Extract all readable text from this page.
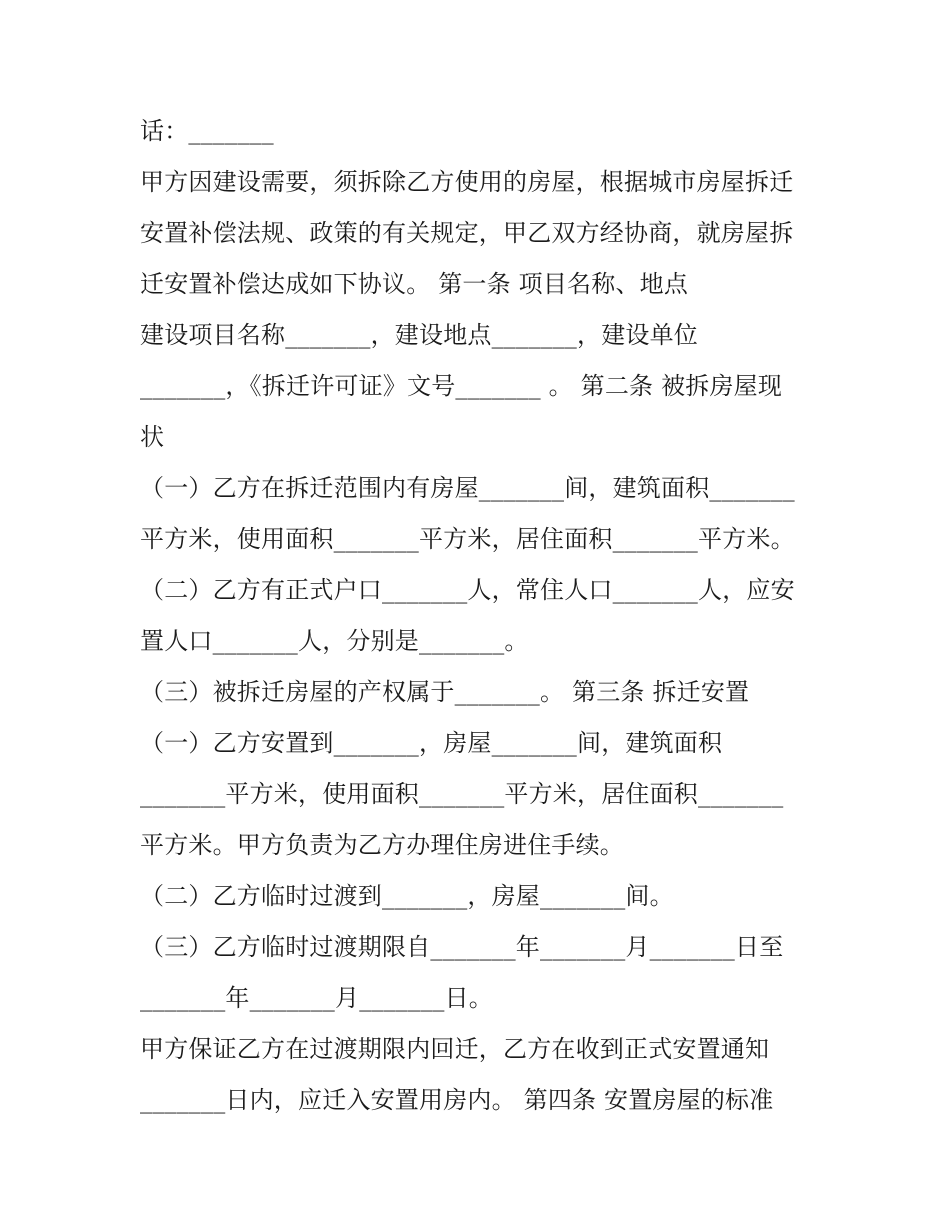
话：_______
甲方因建设需要，须拆除乙方使用的房屋，根据城市房屋拆迁
安置补偿法规、政策的有关规定，甲乙双方经协商，就房屋拆
迁安置补偿达成如下协议。 第一条 项目名称、地点
建设项目名称_______，建设地点_______，建设单位
_______，《拆迁许可证》文号_______ 。 第二条 被拆房屋现
状
（一）乙方在拆迁范围内有房屋_______间，建筑面积_______
平方米，使用面积_______平方米，居住面积_______平方米。
（二）乙方有正式户口_______人，常住人口_______人，应安
置人口_______人，分别是_______。
（三）被拆迁房屋的产权属于_______。 第三条 拆迁安置
（一）乙方安置到_______，房屋_______间，建筑面积
_______平方米，使用面积_______平方米，居住面积_______
平方米。甲方负责为乙方办理住房进住手续。
（二）乙方临时过渡到_______，房屋_______间。
（三）乙方临时过渡期限自_______年_______月_______日至
_______年_______月_______日。
甲方保证乙方在过渡期限内回迁，乙方在收到正式安置通知
_______日内，应迁入安置用房内。 第四条 安置房屋的标准
